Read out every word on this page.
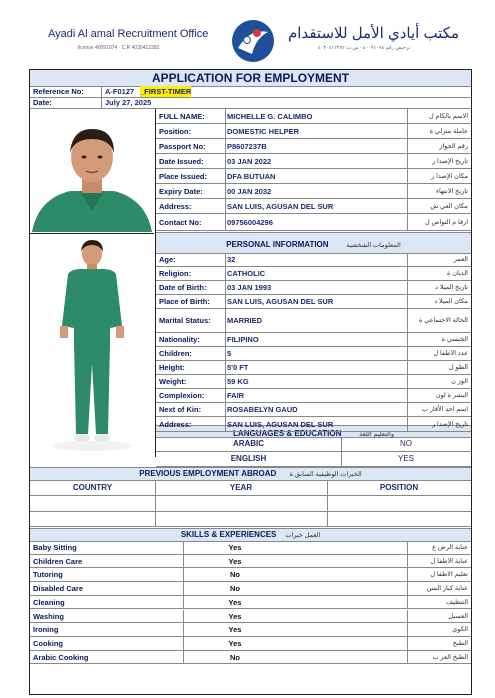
Ayadi Al amal Recruitment Office
license 40091074 · C.R 4030412382
مكتب أيادي الأمل للاستقدام
ترخيص رقم ٤٠٠٩١٠٧٤ - س.ت ٤٠٣٠٤١٢٣٨٢
APPLICATION FOR EMPLOYMENT
Reference No:	A-F0127 _FIRST-TIMER
Date:	July 27, 2025
PERSONAL INFORMATION	المعلومات الشخصية
LANGUAGES & EDUCATION	والتعليم اللغة
ARABIC	NO
ENGLISH	YES
PREVIOUS EMPLOYMENT ABROAD الخبرات الوظيفية السابق ة
COUNTRY	YEAR	POSITION
SKILLS & EXPERIENCES العمل خبرات
FULL NAME:	MICHELLE G. CALIMBO	الاسم بالكام ل
Position:	DOMESTIC HELPER	عاملة منزلي ة
Passport No:	P8607237B	رقم الجواز
Date Issued:	03 JAN 2022	تاريخ الإصدا ر
Place Issued:	DFA BUTUAN	مكان الإصدا ر
Expiry Date:	00 JAN 2032	تاريخ الانتهاء
Address:	SAN LUIS, AGUSAN DEL SUR	مكان العي ش
Contact No:	09756004296	ارقا م التواص ل
Age:	32	العمر
Religion:	CATHOLIC	الديان ة
Date of Birth:	03 JAN 1993	تاريخ الميلا د
Place of Birth:	SAN LUIS, AGUSAN DEL SUR	مكان الميلا د
Marital Status:	MARRIED	الحالة الاجتماعي ة
Nationality:	FILIPINO	الجنسي ة
Children:	5	عدد الاطفا ل
Height:	5'0 FT	الطو ل
Weight:	59 KG	الوز ن
Complexion:	FAIR	البشر ة لون
Next of Kin:	ROSABELYN GAUD	اسم احد الأقار ب
Address:	SAN LUIS, AGUSAN DEL SUR	تاريخ الإصدا ر
Baby Sitting	Yes	عناية الرض ع
Children Care	Yes	عناية الاطفا ل
Tutoring	No	تعليم الاطفا ل
Disabled Care	No	عناية كبار السن
Cleaning	Yes	التنظيف
Washing	Yes	الغسيل
Ironing	Yes	الكوي
Cooking	Yes	الطبخ
Arabic Cooking	No	الطبخ العر ب
